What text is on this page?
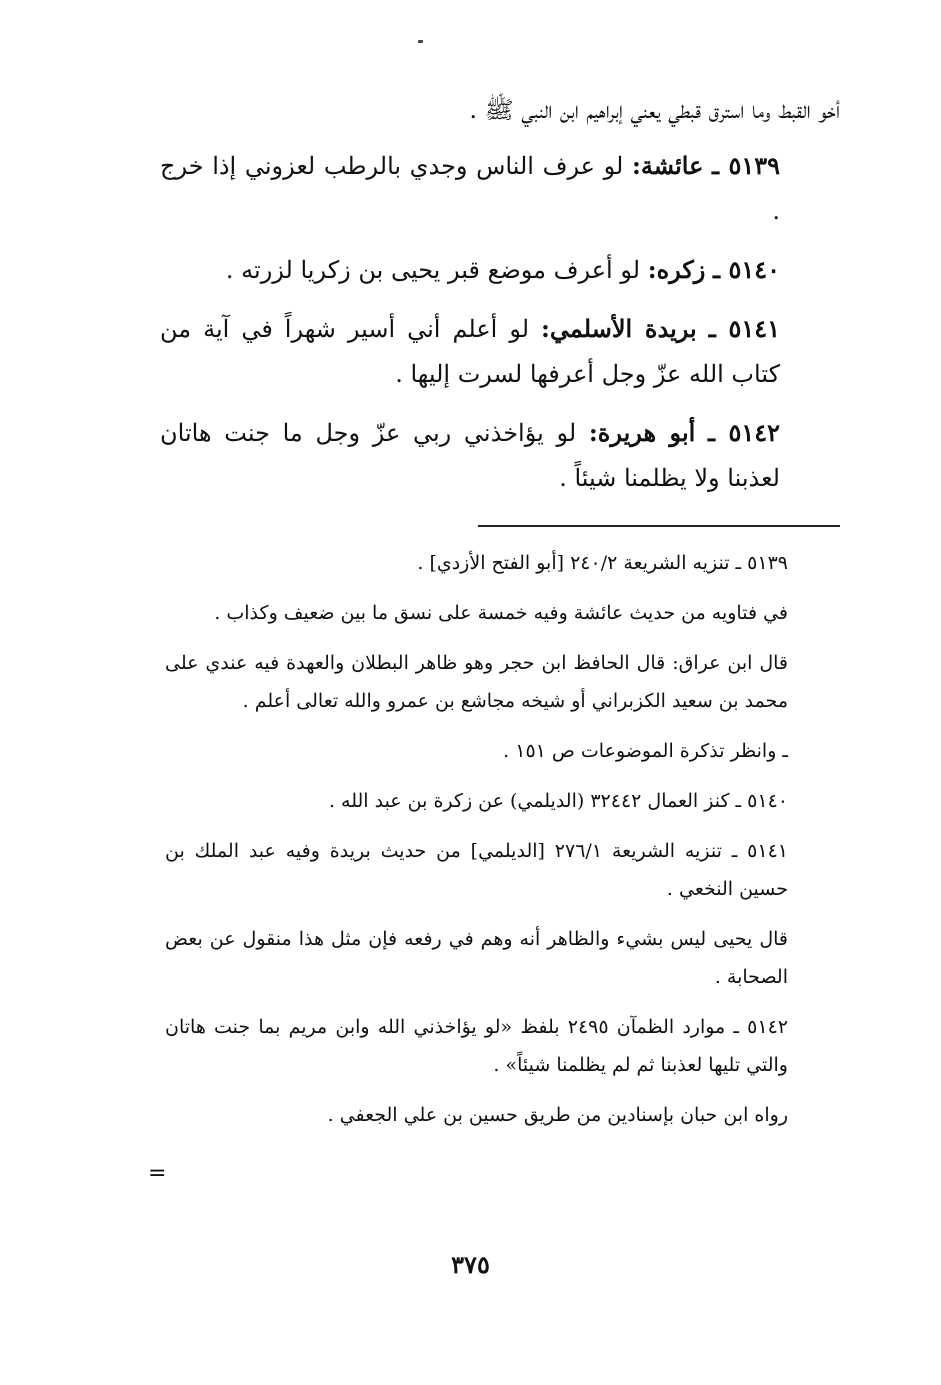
أخو القبط وما استرق قبطي يعني إبراهيم ابن النبي ﷺ .

٥١٣٩ ـ عائشة: لو عرف الناس وجدي بالرطب لعزوني إذا خرج .

٥١٤٠ ـ زكره: لو أعرف موضع قبر يحيى بن زكريا لزرته .

٥١٤١ ـ بريدة الأسلمي: لو أعلم أني أسير شهراً في آية من كتاب الله عزّ وجل أعرفها لسرت إليها .

٥١٤٢ ـ أبو هريرة: لو يؤاخذني ربي عزّ وجل ما جنت هاتان لعذبنا ولا يظلمنا شيئاً .

٥١٣٩ ـ تنزيه الشريعة ٢٤٠/٢ [أبو الفتح الأزدي] .

في فتاويه من حديث عائشة وفيه خمسة على نسق ما بين ضعيف وكذاب .

قال ابن عراق: قال الحافظ ابن حجر وهو ظاهر البطلان والعهدة فيه عندي على محمد بن سعيد الكزبراني أو شيخه مجاشع بن عمرو والله تعالى أعلم .

ـ وانظر تذكرة الموضوعات ص ١٥١ .

٥١٤٠ ـ كنز العمال ٣٢٤٤٢ (الديلمي) عن زكرة بن عبد الله .

٥١٤١ ـ تنزيه الشريعة ٢٧٦/١ [الديلمي] من حديث بريدة وفيه عبد الملك بن حسين النخعي .

قال يحيى ليس بشيء والظاهر أنه وهم في رفعه فإن مثل هذا منقول عن بعض الصحابة .

٥١٤٢ ـ موارد الظمآن ٢٤٩٥ بلفظ «لو يؤاخذني الله وابن مريم بما جنت هاتان والتي تليها لعذبنا ثم لم يظلمنا شيئاً» .

رواه ابن حبان بإسنادين من طريق حسين بن علي الجعفي .

=
٣٧٥
